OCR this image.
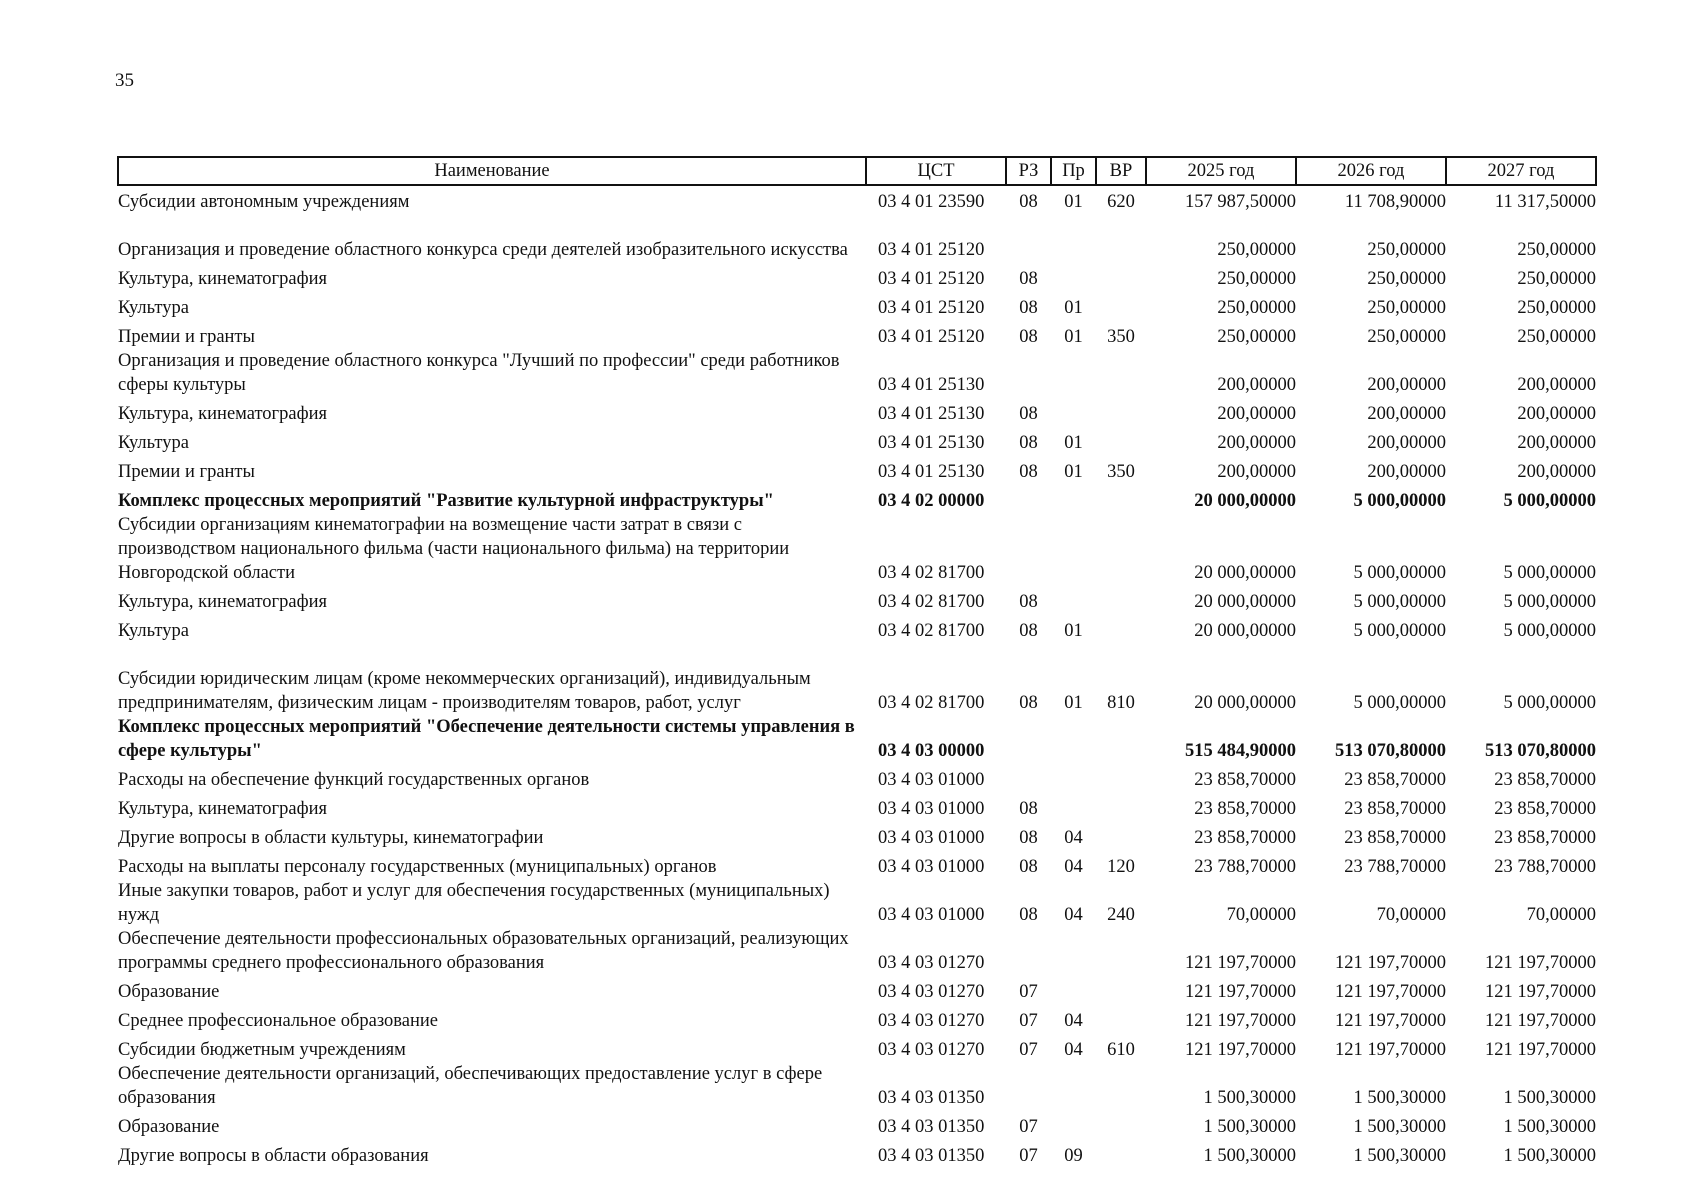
35
Наименование	ЦСТ	РЗ	Пр	ВР	2025 год	2026 год	2027 год
Субсидии автономным учреждениям	03 4 01 23590	08	01	620	157 987,50000	11 708,90000	11 317,50000
Организация и проведение областного конкурса среди деятелей изобразительного искусства	03 4 01 25120				250,00000	250,00000	250,00000
Культура, кинематография	03 4 01 25120	08			250,00000	250,00000	250,00000
Культура	03 4 01 25120	08	01		250,00000	250,00000	250,00000
Премии и гранты	03 4 01 25120	08	01	350	250,00000	250,00000	250,00000
Организация и проведение областного конкурса "Лучший по профессии" среди работников сферы культуры	03 4 01 25130				200,00000	200,00000	200,00000
Культура, кинематография	03 4 01 25130	08			200,00000	200,00000	200,00000
Культура	03 4 01 25130	08	01		200,00000	200,00000	200,00000
Премии и гранты	03 4 01 25130	08	01	350	200,00000	200,00000	200,00000
Комплекс процессных мероприятий "Развитие культурной инфраструктуры"	03 4 02 00000				20 000,00000	5 000,00000	5 000,00000
Субсидии организациям кинематографии на возмещение части затрат в связи с производством национального фильма (части национального фильма) на территории Новгородской области	03 4 02 81700				20 000,00000	5 000,00000	5 000,00000
Культура, кинематография	03 4 02 81700	08			20 000,00000	5 000,00000	5 000,00000
Культура	03 4 02 81700	08	01		20 000,00000	5 000,00000	5 000,00000
Субсидии юридическим лицам (кроме некоммерческих организаций), индивидуальным предпринимателям, физическим лицам - производителям товаров, работ, услуг	03 4 02 81700	08	01	810	20 000,00000	5 000,00000	5 000,00000
Комплекс процессных мероприятий "Обеспечение деятельности системы управления в сфере культуры"	03 4 03 00000				515 484,90000	513 070,80000	513 070,80000
Расходы на обеспечение функций государственных органов	03 4 03 01000				23 858,70000	23 858,70000	23 858,70000
Культура, кинематография	03 4 03 01000	08			23 858,70000	23 858,70000	23 858,70000
Другие вопросы в области культуры, кинематографии	03 4 03 01000	08	04		23 858,70000	23 858,70000	23 858,70000
Расходы на выплаты персоналу государственных (муниципальных) органов	03 4 03 01000	08	04	120	23 788,70000	23 788,70000	23 788,70000
Иные закупки товаров, работ и услуг для обеспечения государственных (муниципальных) нужд	03 4 03 01000	08	04	240	70,00000	70,00000	70,00000
Обеспечение деятельности профессиональных образовательных организаций, реализующих программы среднего профессионального образования	03 4 03 01270				121 197,70000	121 197,70000	121 197,70000
Образование	03 4 03 01270	07			121 197,70000	121 197,70000	121 197,70000
Среднее профессиональное образование	03 4 03 01270	07	04		121 197,70000	121 197,70000	121 197,70000
Субсидии бюджетным учреждениям	03 4 03 01270	07	04	610	121 197,70000	121 197,70000	121 197,70000
Обеспечение деятельности организаций, обеспечивающих предоставление услуг в сфере образования	03 4 03 01350				1 500,30000	1 500,30000	1 500,30000
Образование	03 4 03 01350	07			1 500,30000	1 500,30000	1 500,30000
Другие вопросы в области образования	03 4 03 01350	07	09		1 500,30000	1 500,30000	1 500,30000
